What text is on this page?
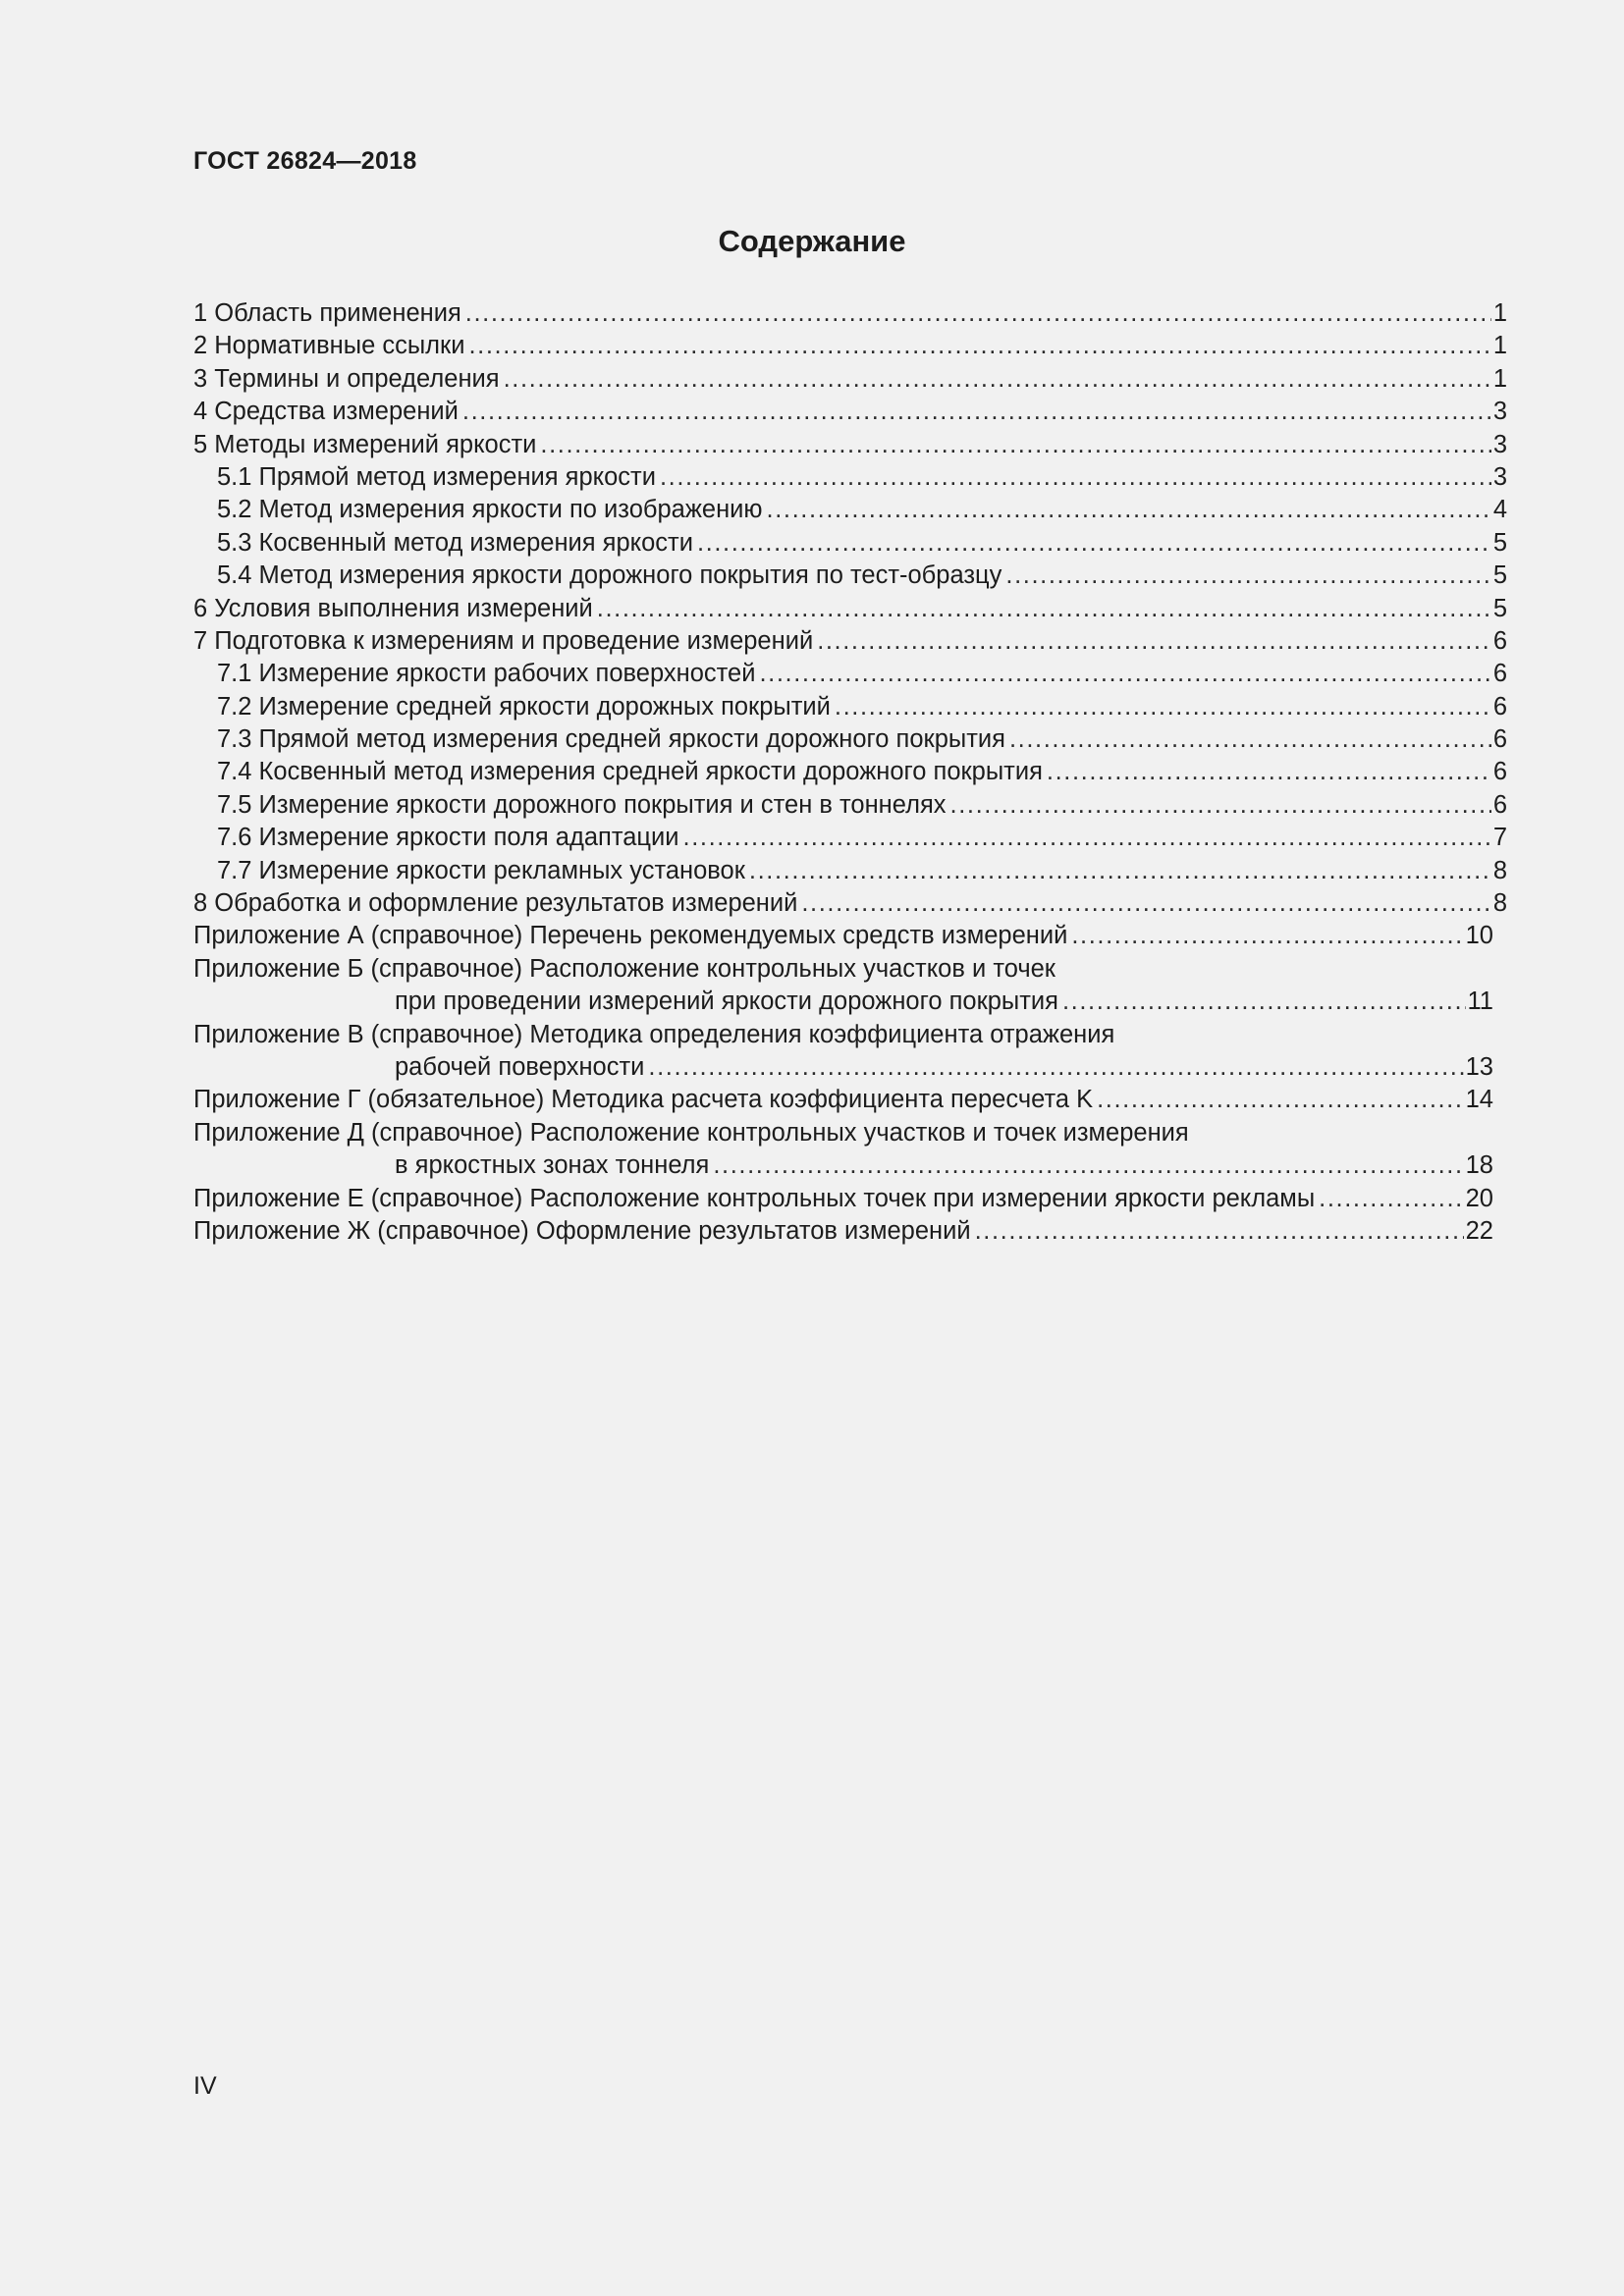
ГОСТ 26824—2018
Содержание
1 Область применения .....	1
2 Нормативные ссылки .....	1
3 Термины и определения .....	1
4 Средства измерений .....	3
5 Методы измерений яркости .....	3
5.1 Прямой метод измерения яркости .....	3
5.2 Метод измерения яркости по изображению .....	4
5.3 Косвенный метод измерения яркости .....	5
5.4 Метод измерения яркости дорожного покрытия по тест-образцу .....	5
6 Условия выполнения измерений .....	5
7 Подготовка к измерениям и проведение измерений .....	6
7.1 Измерение яркости рабочих поверхностей .....	6
7.2 Измерение средней яркости дорожных покрытий .....	6
7.3 Прямой метод измерения средней яркости дорожного покрытия .....	6
7.4 Косвенный метод измерения средней яркости дорожного покрытия .....	6
7.5 Измерение яркости дорожного покрытия и стен в тоннелях .....	6
7.6 Измерение яркости поля адаптации .....	7
7.7 Измерение яркости рекламных установок .....	8
8 Обработка и оформление результатов измерений .....	8
Приложение А (справочное) Перечень рекомендуемых средств измерений .....	10
Приложение Б (справочное) Расположение контрольных участков и точек
при проведении измерений яркости дорожного покрытия .....	11
Приложение В (справочное) Методика определения коэффициента отражения
рабочей поверхности .....	13
Приложение Г (обязательное) Методика расчета коэффициента пересчета K .....	14
Приложение Д (справочное) Расположение контрольных участков и точек измерения
в яркостных зонах тоннеля .....	18
Приложение Е (справочное) Расположение контрольных точек при измерении яркости рекламы .....	20
Приложение Ж (справочное) Оформление результатов измерений .....	22
IV
